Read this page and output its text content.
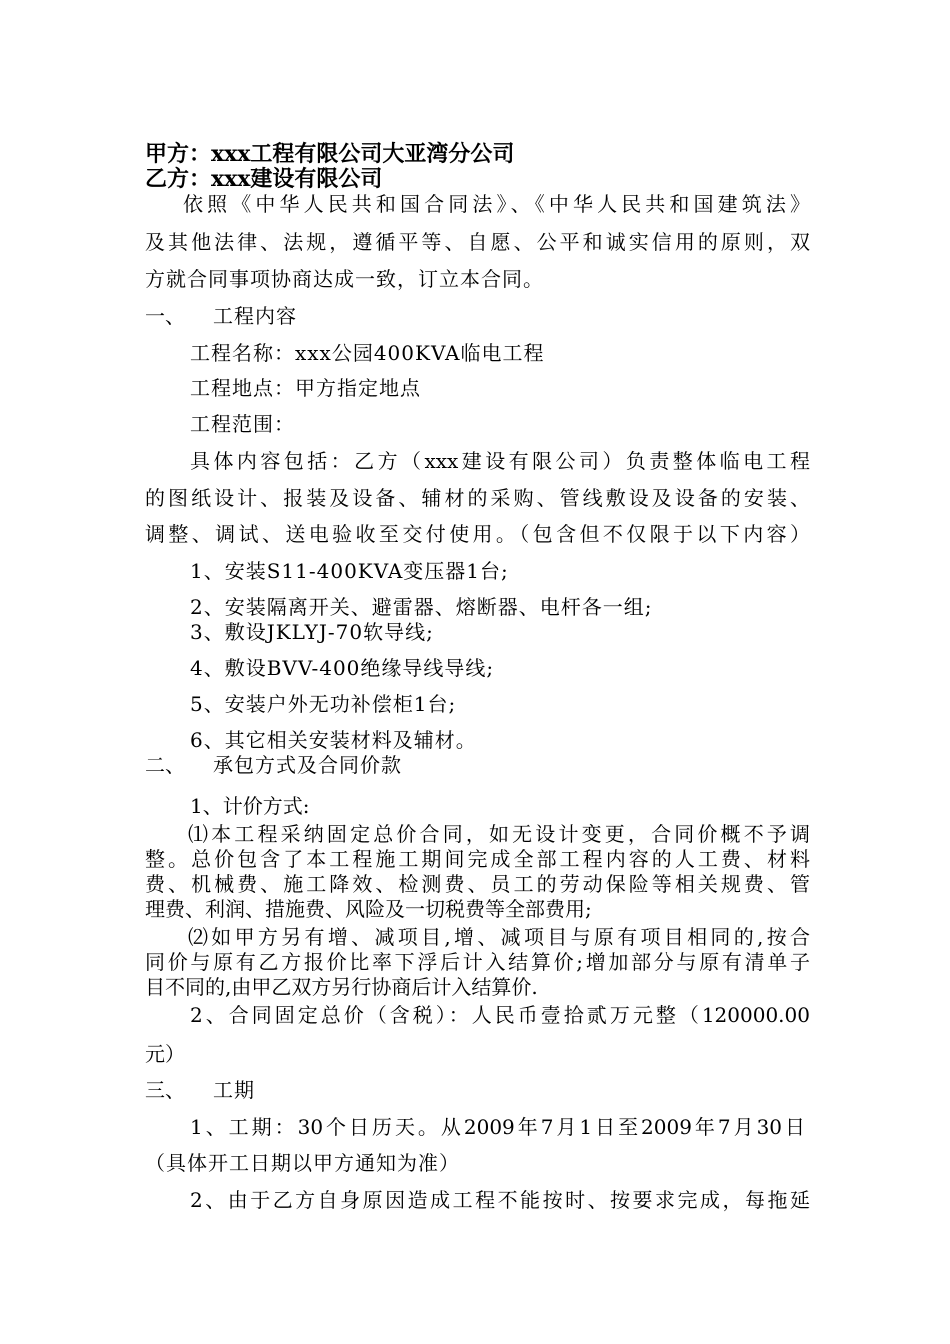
甲方：xxx工程有限公司大亚湾分公司
乙方：xxx建设有限公司
依照《中华人民共和国合同法》、《中华人民共和国建筑法》
及其他法律、法规，遵循平等、自愿、公平和诚实信用的原则，双
方就合同事项协商达成一致，订立本合同。
一、 工程内容
工程名称：xxx公园400KVA临电工程
工程地点：甲方指定地点
工程范围：
具体内容包括：乙方（xxx建设有限公司）负责整体临电工程
的图纸设计、报装及设备、辅材的采购、管线敷设及设备的安装、
调整、调试、送电验收至交付使用。（包含但不仅限于以下内容）
1、安装S11-400KVA变压器1台;
2、安装隔离开关、避雷器、熔断器、电杆各一组;
3、敷设JKLYJ-70软导线;
4、敷设BVV-400绝缘导线导线;
5、安装户外无功补偿柜1台;
6、其它相关安装材料及辅材。
二、 承包方式及合同价款
1、计价方式:
⑴本工程采纳固定总价合同，如无设计变更，合同价概不予调
整。总价包含了本工程施工期间完成全部工程内容的人工费、材料
费、机械费、施工降效、检测费、员工的劳动保险等相关规费、管
理费、利润、措施费、风险及一切税费等全部费用;
⑵如甲方另有增、减项目,增、减项目与原有项目相同的,按合
同价与原有乙方报价比率下浮后计入结算价;增加部分与原有清单子
目不同的,由甲乙双方另行协商后计入结算价.
2、合同固定总价（含税）：人民币壹拾贰万元整（120000.00
元）
三、 工期
1、工期：30个日历天。从2009年7月1日至2009年7月30日
（具体开工日期以甲方通知为准）
2、由于乙方自身原因造成工程不能按时、按要求完成，每拖延
